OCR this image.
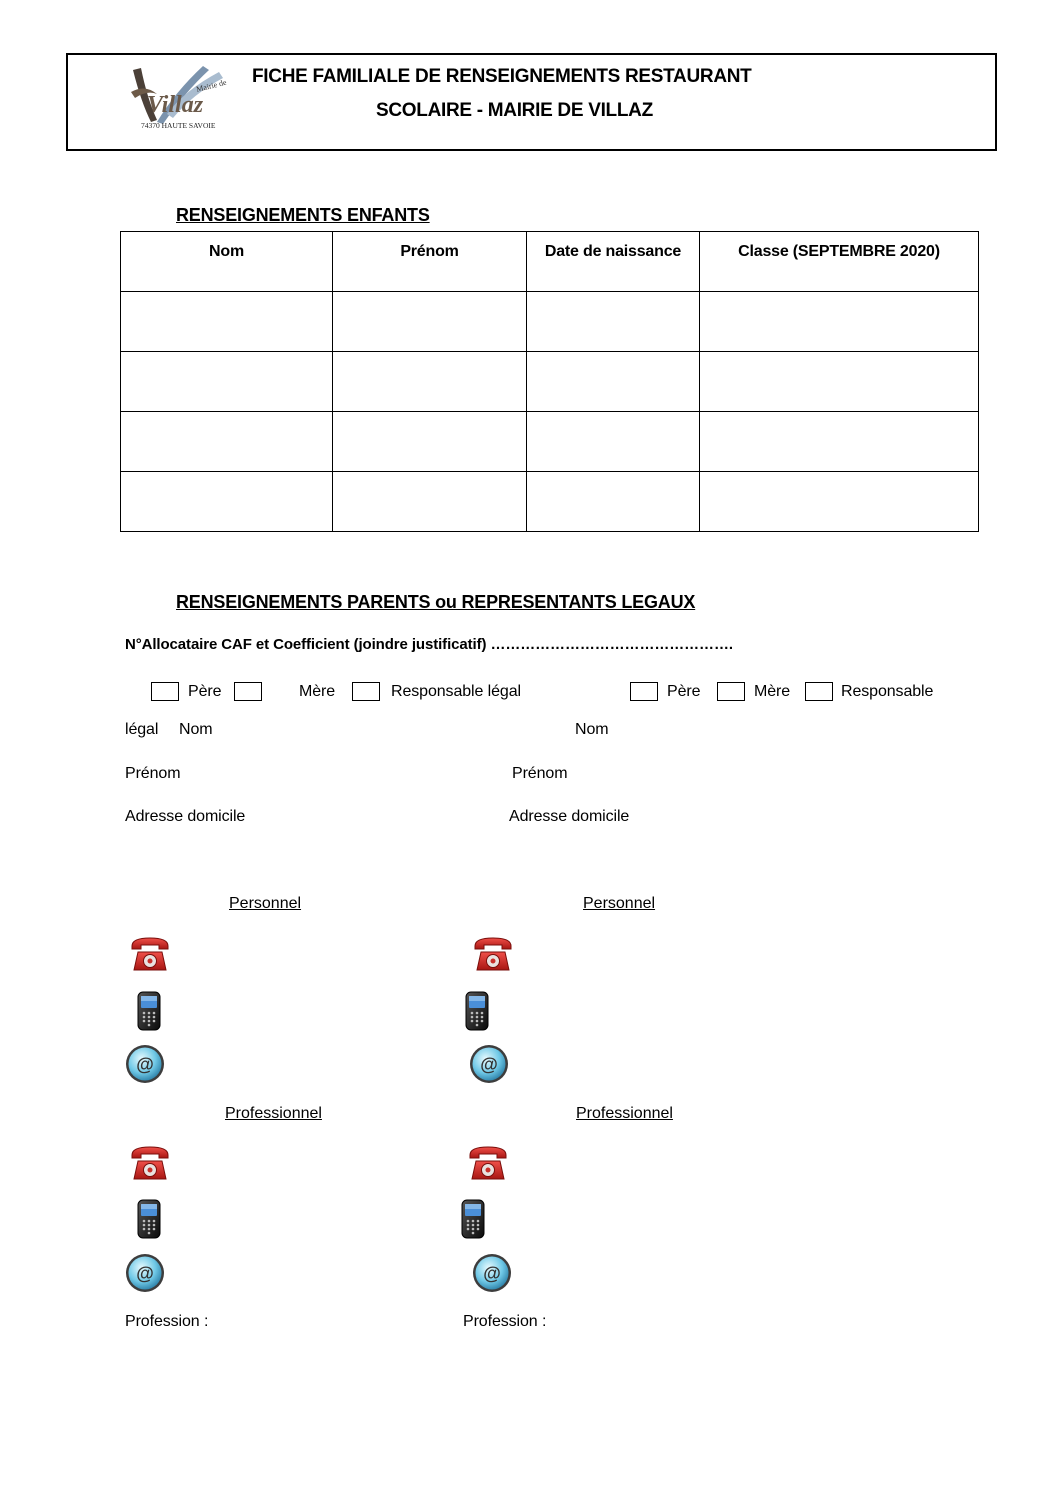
Mairie de
Villaz
74370 HAUTE SAVOIE
FICHE FAMILIALE DE RENSEIGNEMENTS RESTAURANT
SCOLAIRE - MAIRIE DE VILLAZ
RENSEIGNEMENTS ENFANTS
Nom	Prénom	Date de naissance	Classe (SEPTEMBRE 2020)

RENSEIGNEMENTS PARENTS ou REPRESENTANTS LEGAUX
N°Allocataire CAF et Coefficient (joindre justificatif) ………………………………………….
Père	Mère	Responsable légal	Père	Mère	Responsable
légal Nom	Nom
Prénom	Prénom
Adresse domicile	Adresse domicile
Personnel	Personnel
Professionnel	Professionnel
Profession :	Profession :
